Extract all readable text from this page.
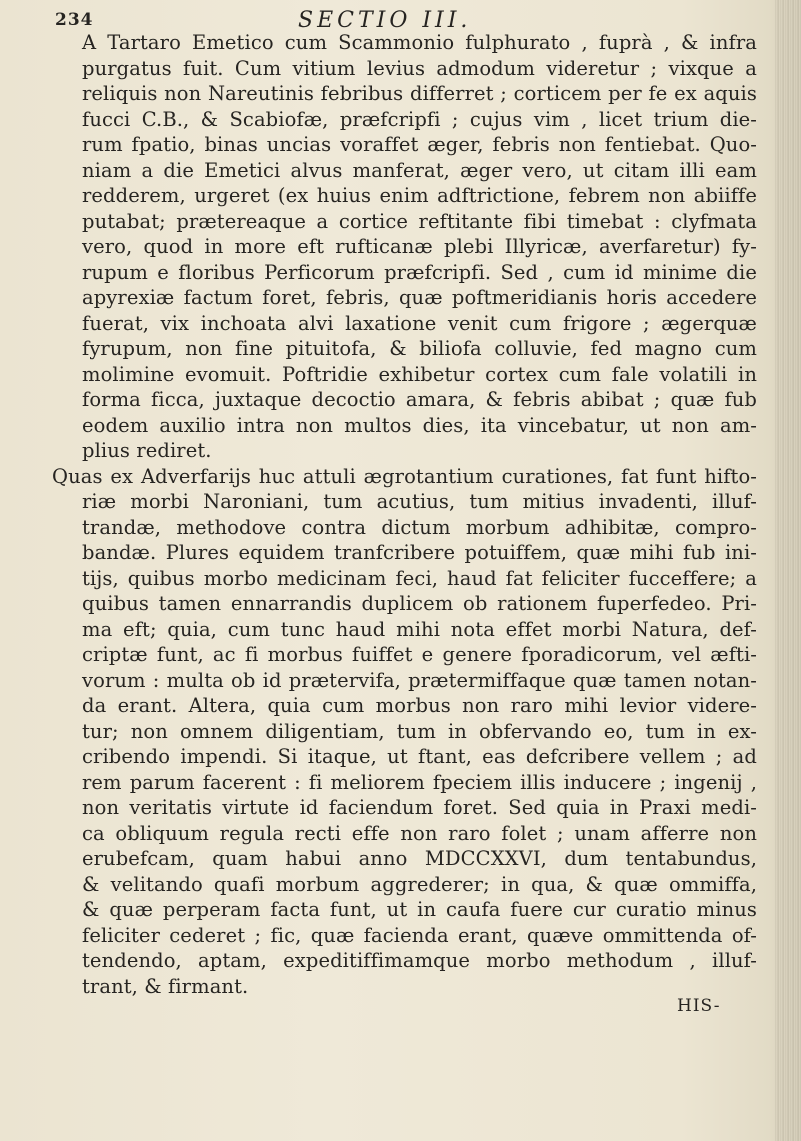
234	SECTIO III.
A Tartaro Emetico cum Scammonio fulphurato , fuprà , & infra
purgatus fuit. Cum vitium levius admodum videretur ; vixque a
reliquis non Nareutinis febribus differret ; corticem per fe ex aquis
fucci C.B., & Scabiofæ, præfcripfi ; cujus vim , licet trium die-
rum fpatio, binas uncias voraffet æger, febris non fentiebat. Quo-
niam a die Emetici alvus manferat, æger vero, ut citam illi eam
redderem, urgeret (ex huius enim adftrictione, febrem non abiiffe
putabat; prætereaque a cortice reftitante fibi timebat : clyfmata
vero, quod in more eft rufticanæ plebi Illyricæ, averfaretur) fy-
rupum e floribus Perficorum præfcripfi. Sed , cum id minime die
apyrexiæ factum foret, febris, quæ poftmeridianis horis accedere
fuerat, vix inchoata alvi laxatione venit cum frigore ; ægerquæ
fyrupum, non fine pituitofa, & biliofa colluvie, fed magno cum
molimine evomuit. Poftridie exhibetur cortex cum fale volatili in
forma ficca, juxtaque decoctio amara, & febris abibat ; quæ fub
eodem auxilio intra non multos dies, ita vincebatur, ut non am-
plius rediret.
Quas ex Adverfarijs huc attuli ægrotantium curationes, fat funt hifto-
riæ morbi Naroniani, tum acutius, tum mitius invadenti, illuf-
trandæ, methodove contra dictum morbum adhibitæ, compro-
bandæ. Plures equidem tranfcribere potuiffem, quæ mihi fub ini-
tijs, quibus morbo medicinam feci, haud fat feliciter fucceffere; a
quibus tamen ennarrandis duplicem ob rationem fuperfedeo. Pri-
ma eft; quia, cum tunc haud mihi nota effet morbi Natura, def-
criptæ funt, ac fi morbus fuiffet e genere fporadicorum, vel æfti-
vorum : multa ob id prætervifa, prætermiffaque quæ tamen notan-
da erant. Altera, quia cum morbus non raro mihi levior videre-
tur; non omnem diligentiam, tum in obfervando eo, tum in ex-
cribendo impendi. Si itaque, ut ftant, eas defcribere vellem ; ad
rem parum facerent : fi meliorem fpeciem illis inducere ; ingenij ,
non veritatis virtute id faciendum foret. Sed quia in Praxi medi-
ca obliquum regula recti effe non raro folet ; unam afferre non
erubefcam, quam habui anno MDCCXXVI, dum tentabundus,
& velitando quafi morbum aggrederer; in qua, & quæ ommiffa,
& quæ perperam facta funt, ut in caufa fuere cur curatio minus
feliciter cederet ; fic, quæ facienda erant, quæve ommittenda of-
tendendo, aptam, expeditiffimamque morbo methodum , illuf-
trant, & firmant.
HIS-
